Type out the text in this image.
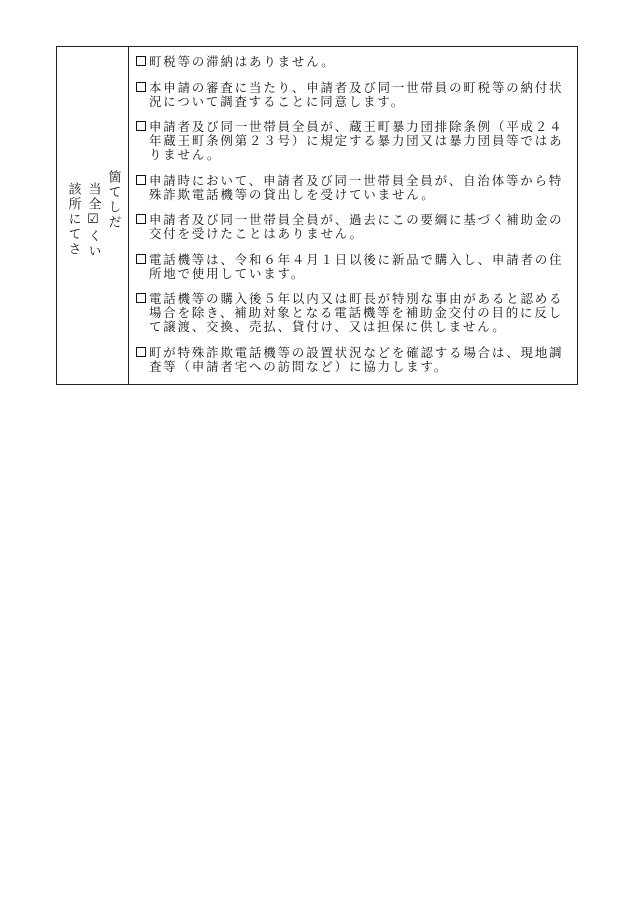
箇てしだ
当全☑くい
該所にてさ
町税等の滞納はありません。
本申請の審査に当たり、申請者及び同一世帯員の町税等の納付状況について調査することに同意します。
申請者及び同一世帯員全員が、蔵王町暴力団排除条例（平成２４年蔵王町条例第２３号）に規定する暴力団又は暴力団員等ではありません。
申請時において、申請者及び同一世帯員全員が、自治体等から特殊詐欺電話機等の貸出しを受けていません。
申請者及び同一世帯員全員が、過去にこの要綱に基づく補助金の交付を受けたことはありません。
電話機等は、令和６年４月１日以後に新品で購入し、申請者の住所地で使用しています。
電話機等の購入後５年以内又は町長が特別な事由があると認める場合を除き、補助対象となる電話機等を補助金交付の目的に反して譲渡、交換、売払、貸付け、又は担保に供しません。
町が特殊詐欺電話機等の設置状況などを確認する場合は、現地調査等（申請者宅への訪問など）に協力します。
